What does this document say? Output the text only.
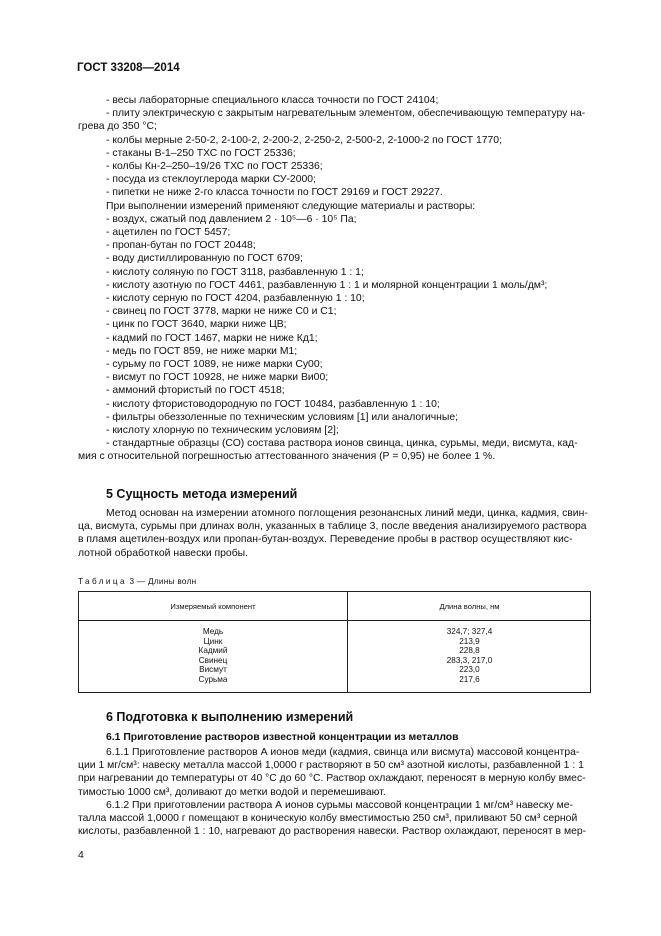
ГОСТ 33208—2014
- весы лабораторные специального класса точности по ГОСТ 24104;
- плиту электрическую с закрытым нагревательным элементом, обеспечивающую температуру на-
грева до 350 °С;
- колбы мерные 2-50-2, 2-100-2, 2-200-2, 2-250-2, 2-500-2, 2-1000-2 по ГОСТ 1770;
- стаканы В-1–250 ТХС по ГОСТ 25336;
- колбы Кн-2–250–19/26 ТХС по ГОСТ 25336;
- посуда из стеклоуглерода марки СУ-2000;
- пипетки не ниже 2-го класса точности по ГОСТ 29169 и ГОСТ 29227.
При выполнении измерений применяют следующие материалы и растворы:
- воздух, сжатый под давлением 2 · 10⁵—6 · 10⁵ Па;
- ацетилен по ГОСТ 5457;
- пропан-бутан по ГОСТ 20448;
- воду дистиллированную по ГОСТ 6709;
- кислоту соляную по ГОСТ 3118, разбавленную 1 : 1;
- кислоту азотную по ГОСТ 4461, разбавленную 1 : 1 и молярной концентрации 1 моль/дм³;
- кислоту серную по ГОСТ 4204, разбавленную 1 : 10;
- свинец по ГОСТ 3778, марки не ниже С0 и С1;
- цинк по ГОСТ 3640, марки ниже ЦВ;
- кадмий по ГОСТ 1467, марки не ниже Кд1;
- медь по ГОСТ 859, не ниже марки М1;
- сурьму по ГОСТ 1089, не ниже марки Су00;
- висмут по ГОСТ 10928, не ниже марки Ви00;
- аммоний фтористый по ГОСТ 4518;
- кислоту фтористоводородную по ГОСТ 10484, разбавленную 1 : 10;
- фильтры обеззоленные по техническим условиям [1] или аналогичные;
- кислоту хлорную по техническим условиям [2];
- стандартные образцы (СО) состава раствора ионов свинца, цинка, сурьмы, меди, висмута, кад-
мия с относительной погрешностью аттестованного значения (Р = 0,95) не более 1 %.
5 Сущность метода измерений
Метод основан на измерении атомного поглощения резонансных линий меди, цинка, кадмия, свин-
ца, висмута, сурьмы при длинах волн, указанных в таблице 3, после введения анализируемого раствора
в пламя ацетилен-воздух или пропан-бутан-воздух. Переведение пробы в раствор осуществляют кис-
лотной обработкой навески пробы.
Таблица 3 — Длины волн
Измеряемый компонент	Длина волны, нм
Медь
Цинк
Кадмий
Свинец
Висмут
Сурьма
324,7; 327,4
213,9
228,8
283,3, 217,0
223,0
217,6
6 Подготовка к выполнению измерений
6.1 Приготовление растворов известной концентрации из металлов
6.1.1 Приготовление растворов А ионов меди (кадмия, свинца или висмута) массовой концентра-
ции 1 мг/см³: навеску металла массой 1,0000 г растворяют в 50 см³ азотной кислоты, разбавленной 1 : 1
при нагревании до температуры от 40 °С до 60 °С. Раствор охлаждают, переносят в мерную колбу вмес-
тимостью 1000 см³, доливают до метки водой и перемешивают.
6.1.2 При приготовлении раствора А ионов сурьмы массовой концентрации 1 мг/см³ навеску ме-
талла массой 1,0000 г помещают в коническую колбу вместимостью 250 см³, приливают 50 см³ серной
кислоты, разбавленной 1 : 10, нагревают до растворения навески. Раствор охлаждают, переносят в мер-
4
